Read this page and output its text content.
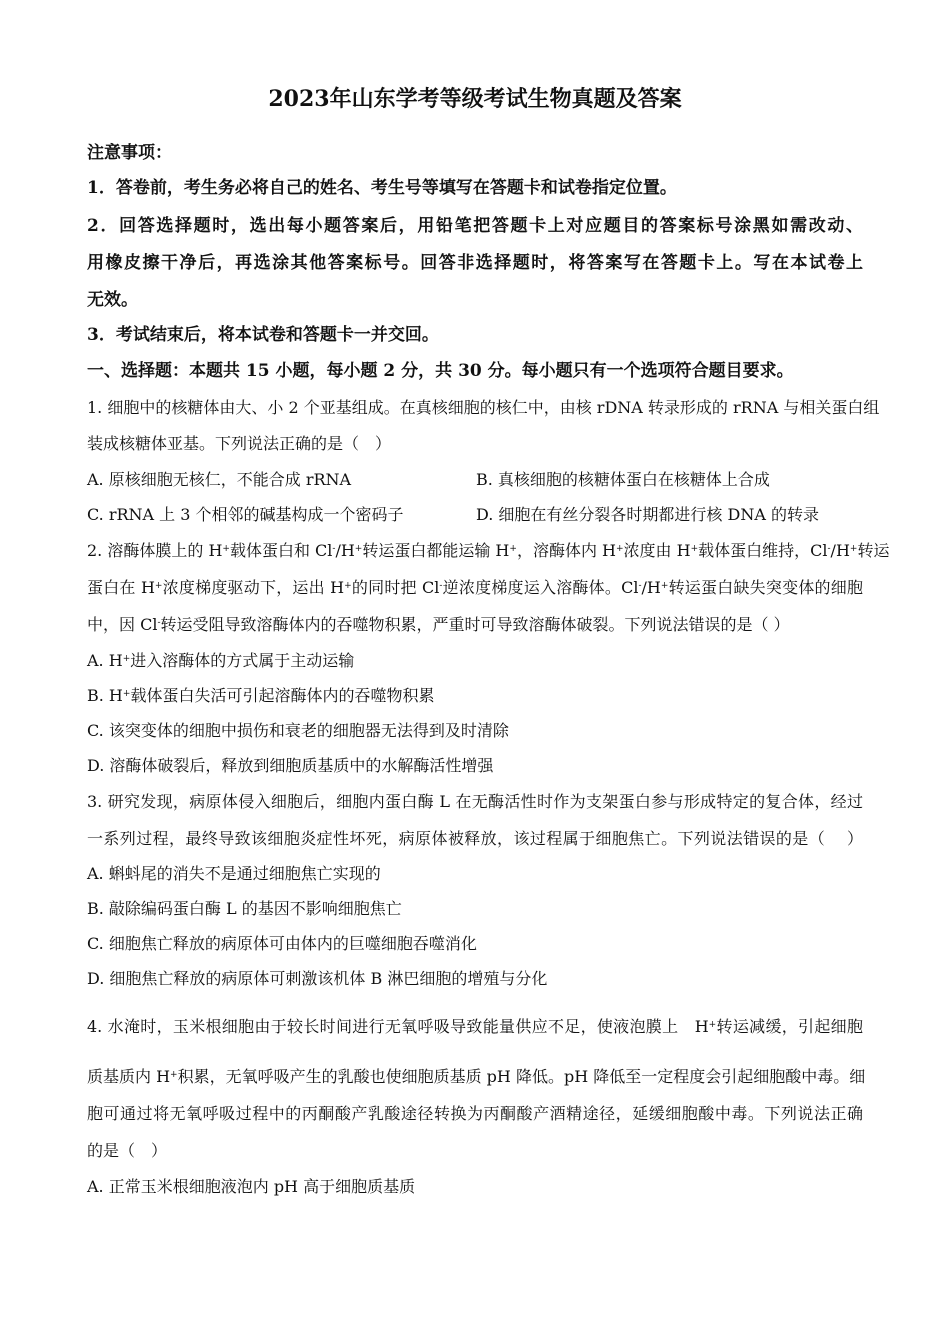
2023年山东学考等级考试生物真题及答案
注意事项：
1．答卷前，考生务必将自己的姓名、考生号等填写在答题卡和试卷指定位置。
2．回答选择题时，选出每小题答案后，用铅笔把答题卡上对应题目的答案标号涂黑如需改动、
用橡皮擦干净后，再选涂其他答案标号。回答非选择题时，将答案写在答题卡上。写在本试卷上
无效。
3．考试结束后，将本试卷和答题卡一并交回。
一、选择题：本题共 15 小题，每小题 2 分，共 30 分。每小题只有一个选项符合题目要求。
1. 细胞中的核糖体由大、小 2 个亚基组成。在真核细胞的核仁中，由核 rDNA 转录形成的 rRNA 与相关蛋白组
装成核糖体亚基。下列说法正确的是（　）
A. 原核细胞无核仁，不能合成 rRNA	B. 真核细胞的核糖体蛋白在核糖体上合成
C. rRNA 上 3 个相邻的碱基构成一个密码子	D. 细胞在有丝分裂各时期都进行核 DNA 的转录
2. 溶酶体膜上的 H+载体蛋白和 Cl-/H+转运蛋白都能运输 H+，溶酶体内 H+浓度由 H+载体蛋白维持，Cl-/H+转运
蛋白在 H+浓度梯度驱动下，运出 H+的同时把 Cl-逆浓度梯度运入溶酶体。Cl-/H+转运蛋白缺失突变体的细胞
中，因 Cl-转运受阻导致溶酶体内的吞噬物积累，严重时可导致溶酶体破裂。下列说法错误的是（ ）
A. H+进入溶酶体的方式属于主动运输
B. H+载体蛋白失活可引起溶酶体内的吞噬物积累
C. 该突变体的细胞中损伤和衰老的细胞器无法得到及时清除
D. 溶酶体破裂后，释放到细胞质基质中的水解酶活性增强
3. 研究发现，病原体侵入细胞后，细胞内蛋白酶 L 在无酶活性时作为支架蛋白参与形成特定的复合体，经过
一系列过程，最终导致该细胞炎症性坏死，病原体被释放，该过程属于细胞焦亡。下列说法错误的是（　 ）
A. 蝌蚪尾的消失不是通过细胞焦亡实现的
B. 敲除编码蛋白酶 L 的基因不影响细胞焦亡
C. 细胞焦亡释放的病原体可由体内的巨噬细胞吞噬消化
D. 细胞焦亡释放的病原体可刺激该机体 B 淋巴细胞的增殖与分化
4. 水淹时，玉米根细胞由于较长时间进行无氧呼吸导致能量供应不足，使液泡膜上　H+转运减缓，引起细胞
质基质内 H+积累，无氧呼吸产生的乳酸也使细胞质基质 pH 降低。pH 降低至一定程度会引起细胞酸中毒。细
胞可通过将无氧呼吸过程中的丙酮酸产乳酸途径转换为丙酮酸产酒精途径，延缓细胞酸中毒。下列说法正确
的是（　）
A. 正常玉米根细胞液泡内 pH 高于细胞质基质
